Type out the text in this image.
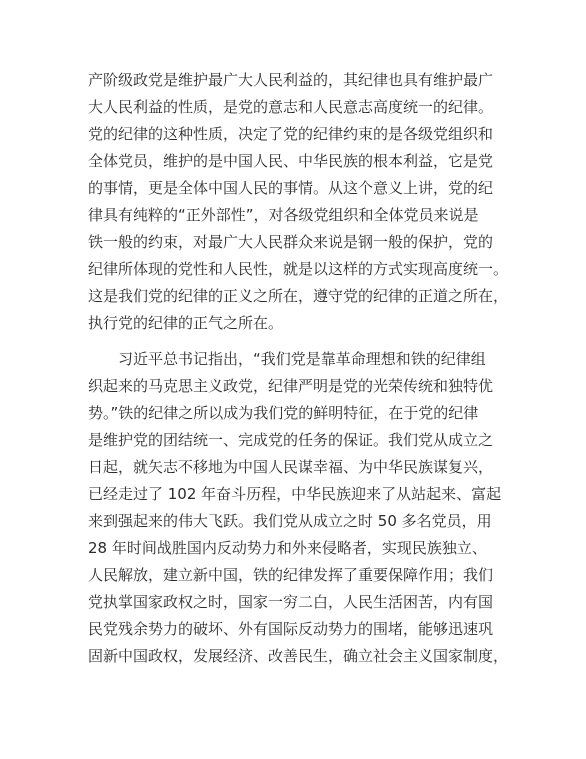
产阶级政党是维护最广大人民利益的，其纪律也具有维护最广
大人民利益的性质，是党的意志和人民意志高度统一的纪律。
党的纪律的这种性质，决定了党的纪律约束的是各级党组织和
全体党员，维护的是中国人民、中华民族的根本利益，它是党
的事情，更是全体中国人民的事情。从这个意义上讲，党的纪
律具有纯粹的“正外部性”，对各级党组织和全体党员来说是
铁一般的约束，对最广大人民群众来说是钢一般的保护，党的
纪律所体现的党性和人民性，就是以这样的方式实现高度统一。
这是我们党的纪律的正义之所在，遵守党的纪律的正道之所在，
执行党的纪律的正气之所在。
习近平总书记指出，“我们党是靠革命理想和铁的纪律组
织起来的马克思主义政党，纪律严明是党的光荣传统和独特优
势。”铁的纪律之所以成为我们党的鲜明特征，在于党的纪律
是维护党的团结统一、完成党的任务的保证。我们党从成立之
日起，就矢志不移地为中国人民谋幸福、为中华民族谋复兴，
已经走过了 102 年奋斗历程，中华民族迎来了从站起来、富起
来到强起来的伟大飞跃。我们党从成立之时 50 多名党员，用
28 年时间战胜国内反动势力和外来侵略者，实现民族独立、
人民解放，建立新中国，铁的纪律发挥了重要保障作用；我们
党执掌国家政权之时，国家一穷二白，人民生活困苦，内有国
民党残余势力的破坏、外有国际反动势力的围堵，能够迅速巩
固新中国政权，发展经济、改善民生，确立社会主义国家制度，
